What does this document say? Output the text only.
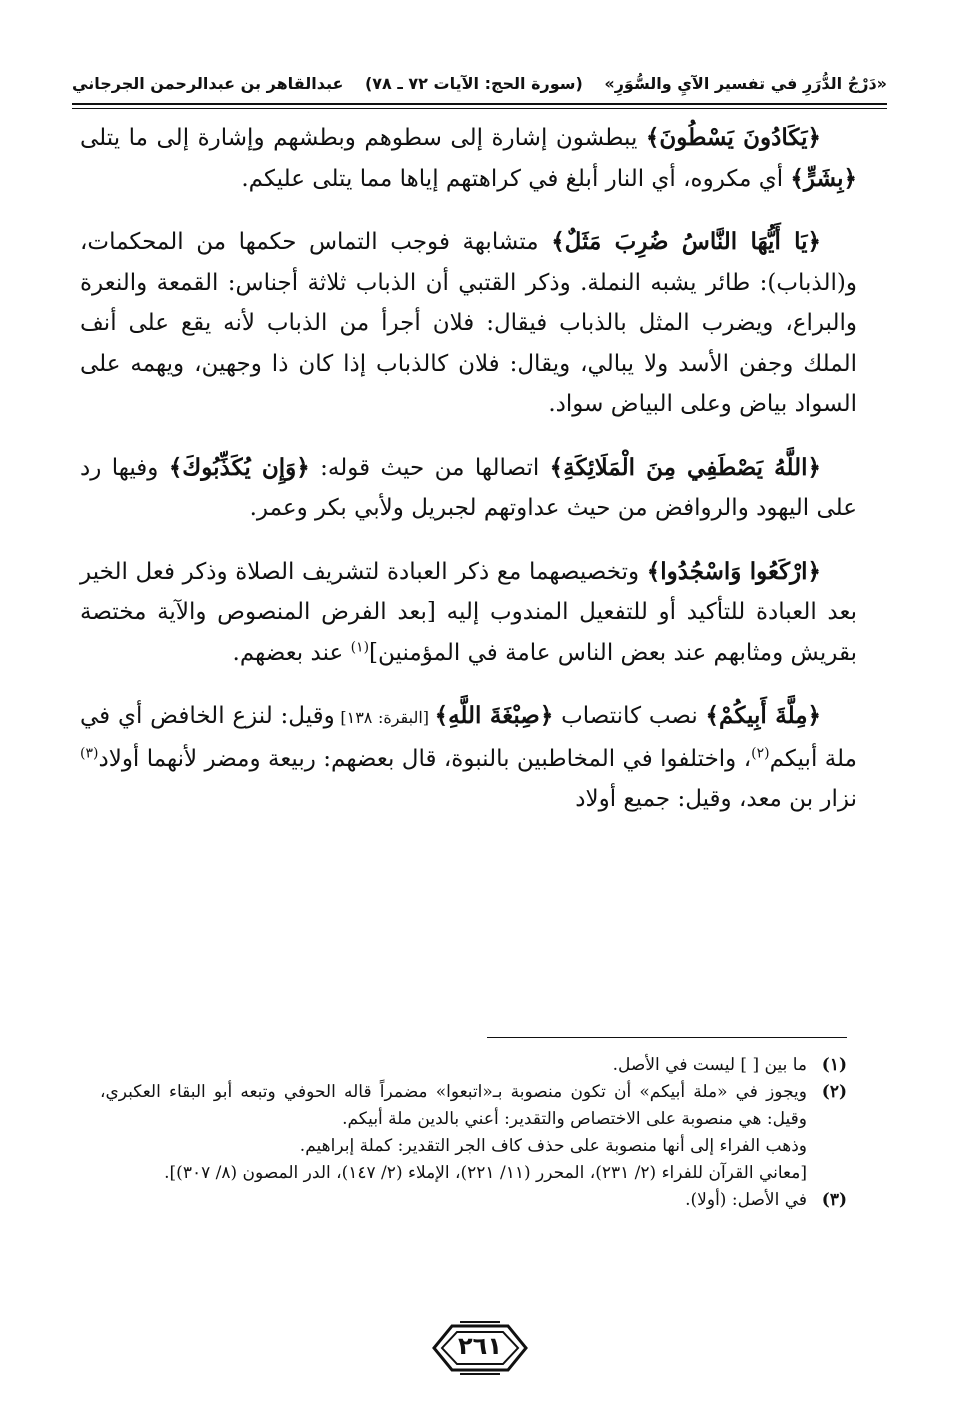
«دَرْجُ الدُّرَرِ في تفسير الآيِ والسُّوَرِ»
(سورة الحج: الآيات ٧٢ ـ ٧٨)
عبدالقاهر بن عبدالرحمن الجرجاني

﴿يَكَادُونَ يَسْطُونَ﴾ يبطشون إشارة إلى سطوهم وبطشهم وإشارة إلى ما يتلى ﴿بِشَرٍّ﴾ أي مكروه، أي النار أبلغ في كراهتهم إياها مما يتلى عليكم.

﴿يَا أَيُّهَا النَّاسُ ضُرِبَ مَثَلٌ﴾ متشابهة فوجب التماس حكمها من المحكمات، و(الذباب): طائر يشبه النملة. وذكر القتبي أن الذباب ثلاثة أجناس: القمعة والنعرة والبراع، ويضرب المثل بالذباب فيقال: فلان أجرأ من الذباب لأنه يقع على أنف الملك وجفن الأسد ولا يبالي، ويقال: فلان كالذباب إذا كان ذا وجهين، ويهمه على السواد بياض وعلى البياض سواد.

﴿اللَّهُ يَصْطَفِي مِنَ الْمَلَائِكَةِ﴾ اتصالها من حيث قوله: ﴿وَإِن يُكَذِّبُوكَ﴾ وفيها رد على اليهود والروافض من حيث عداوتهم لجبريل ولأبي بكر وعمر.

﴿ارْكَعُوا وَاسْجُدُوا﴾ وتخصيصهما مع ذكر العبادة لتشريف الصلاة وذكر فعل الخير بعد العبادة للتأكيد أو للتفعيل المندوب إليه [بعد الفرض المنصوص والآية مختصة بقريش ومثابهم عند بعض الناس عامة في المؤمنين]$^{(١)}$ عند بعضهم.

﴿مِلَّةَ أَبِيكُمْ﴾ نصب كانتصاب ﴿صِبْغَةَ اللَّهِ﴾ [البقرة: ١٣٨] وقيل: لنزع الخافض أي في ملة أبيكم$^{(٢)}$، واختلفوا في المخاطبين بالنبوة، قال بعضهم: ربيعة ومضر لأنهما أولاد$^{(٣)}$ نزار بن معد، وقيل: جميع أولاد

(١)
ما بين [ ] ليست في الأصل.
(٢)
ويجوز في «ملة أبيكم» أن تكون منصوبة بـ«اتبعوا» مضمراً قاله الحوفي وتبعه أبو البقاء العكبري، وقيل: هي منصوبة على الاختصاص والتقدير: أعني بالدين ملة أبيكم.
وذهب الفراء إلى أنها منصوبة على حذف كاف الجر التقدير: كملة إبراهيم.
[معاني القرآن للفراء (٢/ ٢٣١)، المحرر (١١/ ٢٢١)، الإملاء (٢/ ١٤٧)، الدر المصون (٨/ ٣٠٧)].
(٣)
في الأصل: (أولا).
٢٦١
